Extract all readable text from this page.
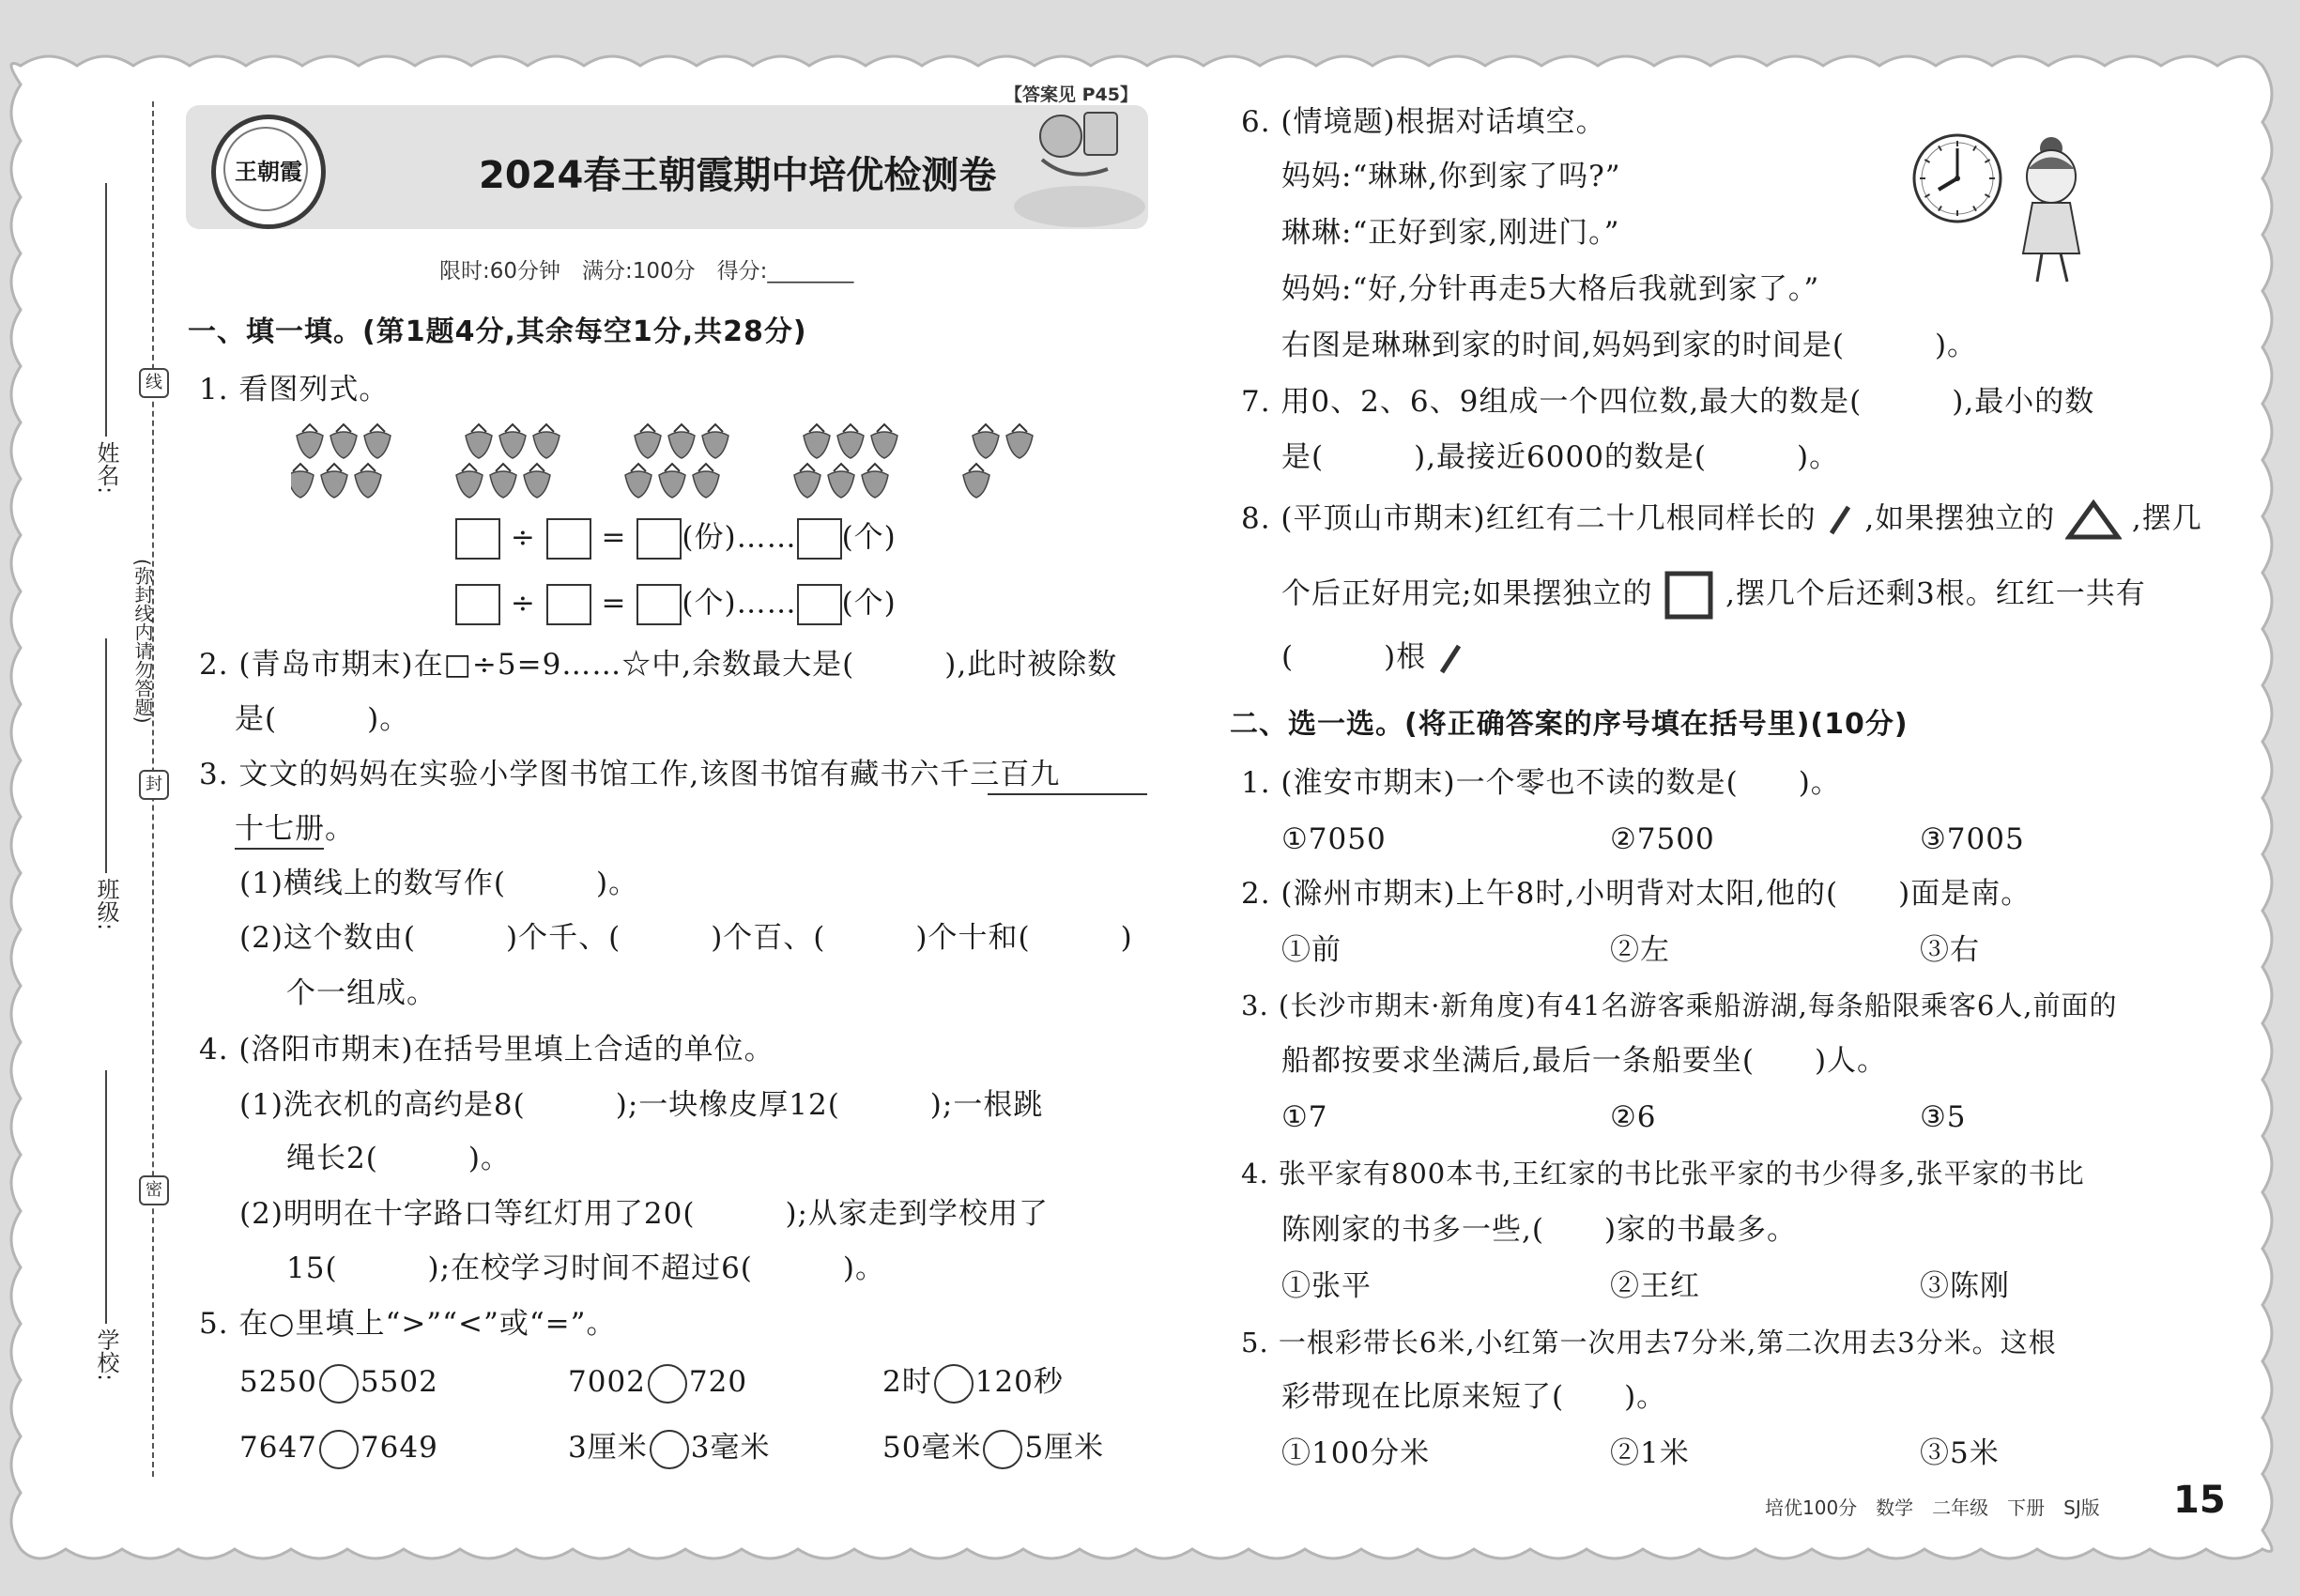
姓名:
班级:
学校:
线
(弥封线内请勿答题)
封
密
王朝霞	2024春王朝霞期中培优检测卷
【答案见 P45】
限时:60分钟　满分:100分　得分:________
一、填一填。(第1题4分,其余每空1分,共28分)
1. 看图列式。
÷  = (份)…… (个)
÷  = (个)…… (个)
2. (青岛市期末)在□÷5=9……☆中,余数最大是(　　　),此时被除数
是(　　　)。
3. 文文的妈妈在实验小学图书馆工作,该图书馆有藏书六千三百九
十七册。
(1)横线上的数写作(　　　)。
(2)这个数由(　　　)个千、(　　　)个百、(　　　)个十和(　　　)
个一组成。
4. (洛阳市期末)在括号里填上合适的单位。
(1)洗衣机的高约是8(　　　);一块橡皮厚12(　　　);一根跳
绳长2(　　　)。
(2)明明在十字路口等红灯用了20(　　　);从家走到学校用了
15(　　　);在校学习时间不超过6(　　　)。
5. 在○里填上“>”“<”或“=”。
5250 5502	7002 720	2时 120秒
7647 7649	3厘米 3毫米	50毫米 5厘米
6. (情境题)根据对话填空。
妈妈:“琳琳,你到家了吗?”
琳琳:“正好到家,刚进门。”
妈妈:“好,分针再走5大格后我就到家了。”
右图是琳琳到家的时间,妈妈到家的时间是(　　　)。
7. 用0、2、6、9组成一个四位数,最大的数是(　　　),最小的数
是(　　　),最接近6000的数是(　　　)。
8. (平顶山市期末)红红有二十几根同样长的 ,如果摆独立的	,摆几
个后正好用完;如果摆独立的	,摆几个后还剩3根。红红一共有
(　　　)根
二、选一选。(将正确答案的序号填在括号里)(10分)
1. (淮安市期末)一个零也不读的数是(　　)。
①7050	②7500	③7005
2. (滁州市期末)上午8时,小明背对太阳,他的(　　)面是南。
①前	②左	③右
3. (长沙市期末·新角度)有41名游客乘船游湖,每条船限乘客6人,前面的
船都按要求坐满后,最后一条船要坐(　　)人。
①7	②6	③5
4. 张平家有800本书,王红家的书比张平家的书少得多,张平家的书比
陈刚家的书多一些,(　　)家的书最多。
①张平	②王红	③陈刚
5. 一根彩带长6米,小红第一次用去7分米,第二次用去3分米。这根
彩带现在比原来短了(　　)。
①100分米	②1米	③5米
培优100分　数学　二年级　下册　SJ版 15
